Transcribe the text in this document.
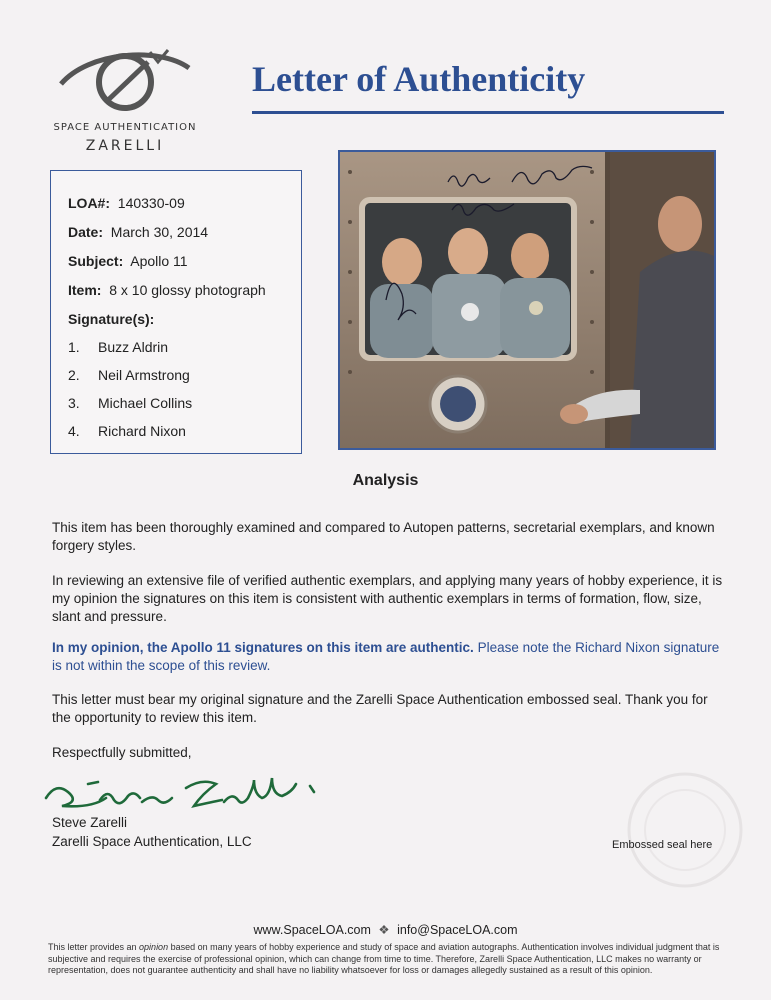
SPACE AUTHENTICATION
ZARELLI
Letter of Authenticity
LOA#: 140330-09
Date: March 30, 2014
Subject: Apollo 11
Item: 8 x 10 glossy photograph
Signature(s):
1. Buzz Aldrin
2. Neil Armstrong
3. Michael Collins
4. Richard Nixon
Analysis
This item has been thoroughly examined and compared to Autopen patterns, secretarial exemplars, and known forgery styles.
In reviewing an extensive file of verified authentic exemplars, and applying many years of hobby experience, it is my opinion the signatures on this item is consistent with authentic exemplars in terms of formation, flow, size, slant and pressure.
In my opinion, the Apollo 11 signatures on this item are authentic. Please note the Richard Nixon signature is not within the scope of this review.
This letter must bear my original signature and the Zarelli Space Authentication embossed seal. Thank you for the opportunity to review this item.
Respectfully submitted,
Steve Zarelli
Zarelli Space Authentication, LLC	Embossed seal here
www.SpaceLOA.com ❖ info@SpaceLOA.com
This letter provides an opinion based on many years of hobby experience and study of space and aviation autographs. Authentication involves individual judgment that is subjective and requires the exercise of professional opinion, which can change from time to time. Therefore, Zarelli Space Authentication, LLC makes no warranty or representation, does not guarantee authenticity and shall have no liability whatsoever for loss or damages allegedly sustained as a result of this opinion.
